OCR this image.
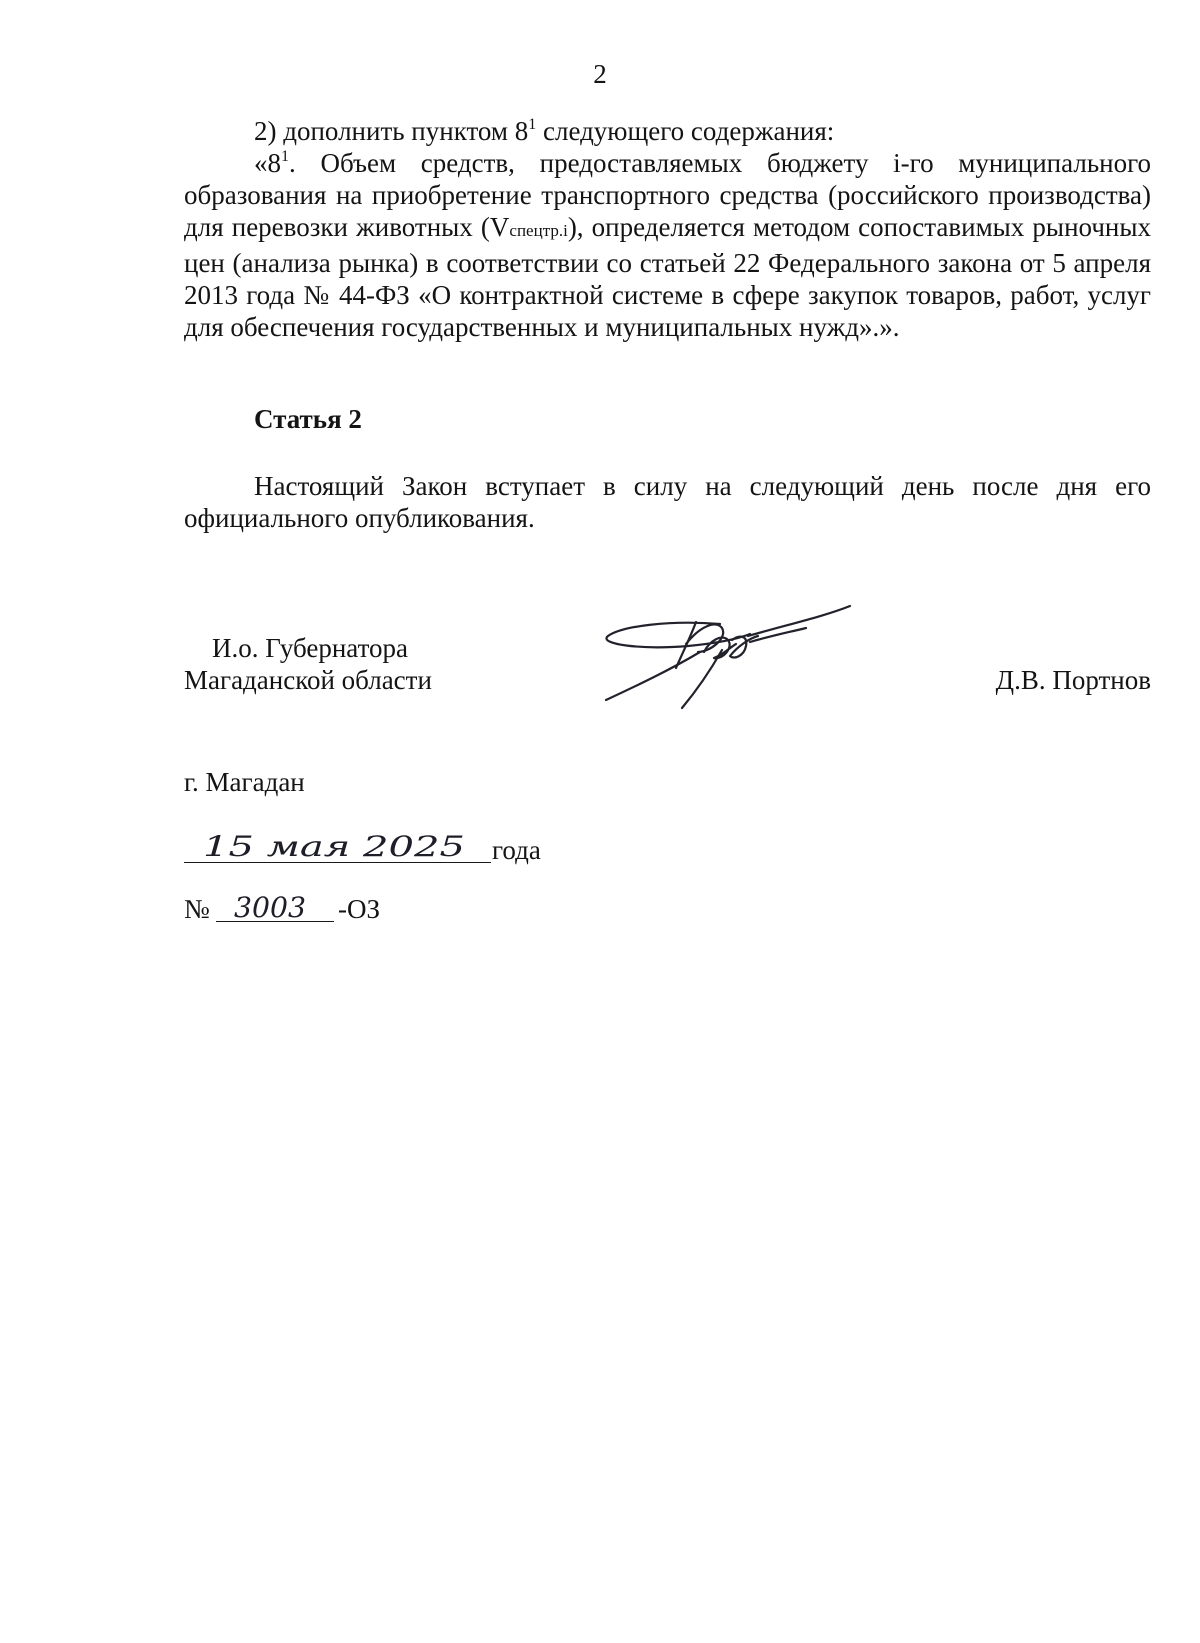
2
2) дополнить пунктом $8^1$ следующего содержания:
«$8^1$. Объем средств, предоставляемых бюджету i-го муниципального образования на приобретение транспортного средства (российского производства) для перевозки животных (Vспецтр.i), определяется методом сопоставимых рыночных цен (анализа рынка) в соответствии со статьей 22 Федерального закона от 5 апреля 2013 года № 44-ФЗ «О контрактной системе в сфере закупок товаров, работ, услуг для обеспечения государственных и муниципальных нужд».».
Статья 2
Настоящий Закон вступает в силу на следующий день после дня его официального опубликования.
И.о. Губернатора
Магаданской области	Д.В. Портнов
г. Магадан
15 мая 2025 года
№ 3003 -ОЗ
